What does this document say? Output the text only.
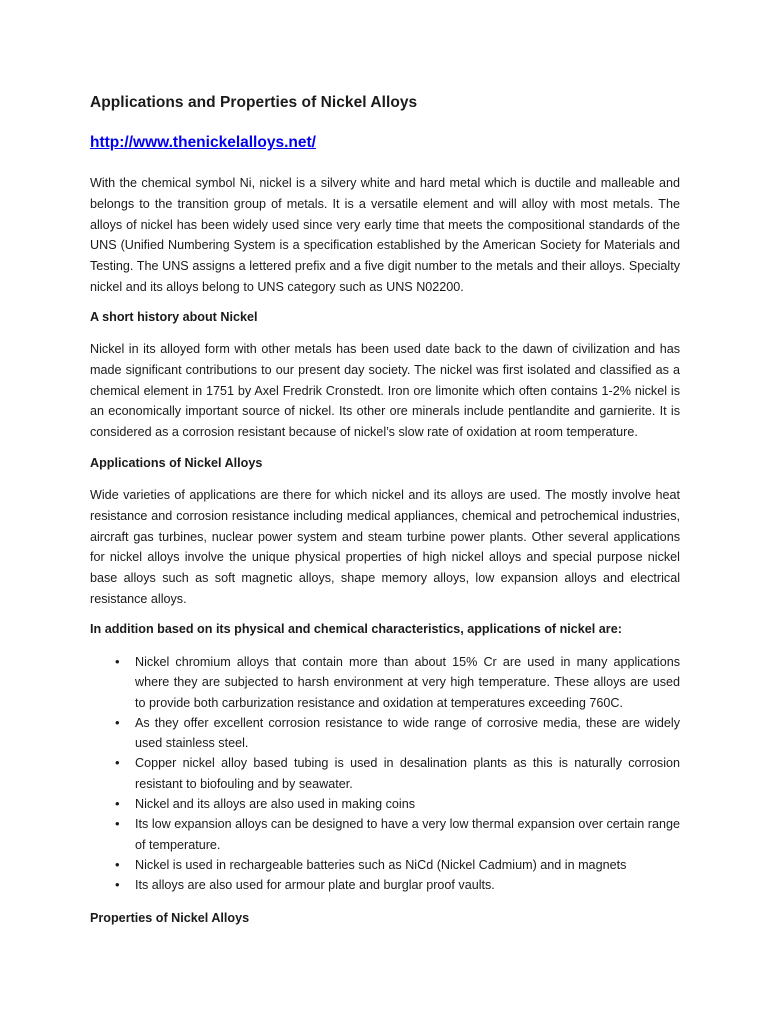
Applications and Properties of Nickel Alloys
http://www.thenickelalloys.net/

With the chemical symbol Ni, nickel is a silvery white and hard metal which is ductile and malleable and belongs to the transition group of metals. It is a versatile element and will alloy with most metals. The alloys of nickel has been widely used since very early time that meets the compositional standards of the UNS (Unified Numbering System is a specification established by the American Society for Materials and Testing. The UNS assigns a lettered prefix and a five digit number to the metals and their alloys. Specialty nickel and its alloys belong to UNS category such as UNS N02200.

A short history about Nickel

Nickel in its alloyed form with other metals has been used date back to the dawn of civilization and has made significant contributions to our present day society. The nickel was first isolated and classified as a chemical element in 1751 by Axel Fredrik Cronstedt. Iron ore limonite which often contains 1-2% nickel is an economically important source of nickel. Its other ore minerals include pentlandite and garnierite. It is considered as a corrosion resistant because of nickel’s slow rate of oxidation at room temperature.

Applications of Nickel Alloys

Wide varieties of applications are there for which nickel and its alloys are used. The mostly involve heat resistance and corrosion resistance including medical appliances, chemical and petrochemical industries, aircraft gas turbines, nuclear power system and steam turbine power plants. Other several applications for nickel alloys involve the unique physical properties of high nickel alloys and special purpose nickel base alloys such as soft magnetic alloys, shape memory alloys, low expansion alloys and electrical resistance alloys.

In addition based on its physical and chemical characteristics, applications of nickel are:

• Nickel chromium alloys that contain more than about 15% Cr are used in many applications where they are subjected to harsh environment at very high temperature. These alloys are used to provide both carburization resistance and oxidation at temperatures exceeding 760C.
• As they offer excellent corrosion resistance to wide range of corrosive media, these are widely used stainless steel.
• Copper nickel alloy based tubing is used in desalination plants as this is naturally corrosion resistant to biofouling and by seawater.
• Nickel and its alloys are also used in making coins
• Its low expansion alloys can be designed to have a very low thermal expansion over certain range of temperature.
• Nickel is used in rechargeable batteries such as NiCd (Nickel Cadmium) and in magnets
• Its alloys are also used for armour plate and burglar proof vaults.

Properties of Nickel Alloys
